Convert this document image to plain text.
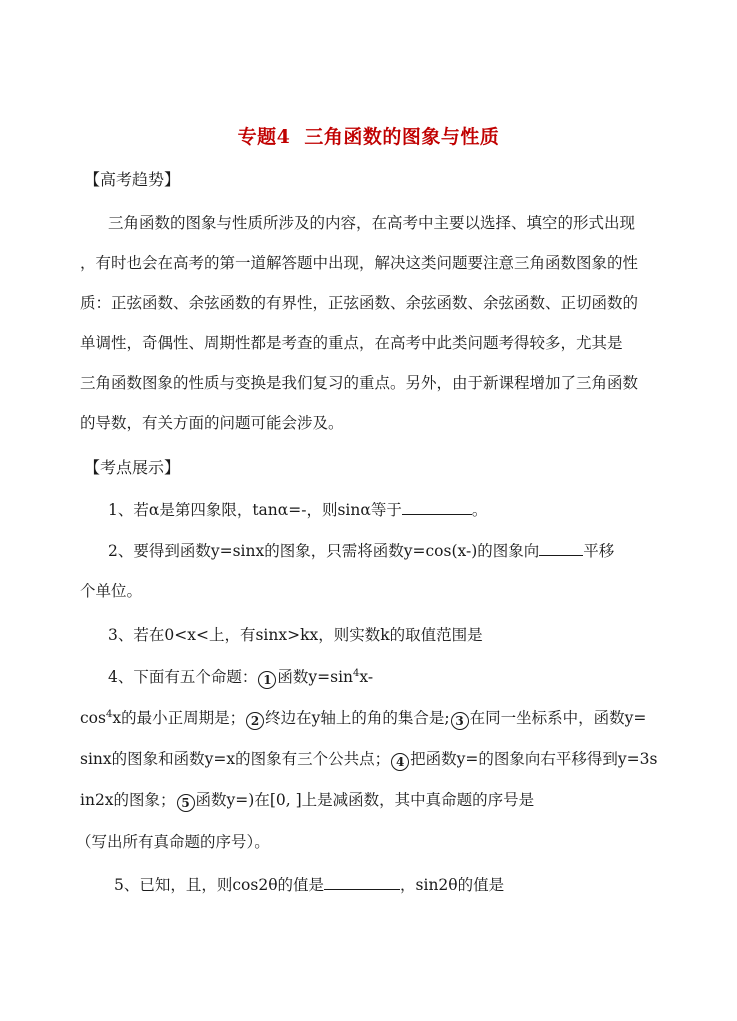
专题4 三角函数的图象与性质
【高考趋势】
三角函数的图象与性质所涉及的内容，在高考中主要以选择、填空的形式出现
，有时也会在高考的第一道解答题中出现，解决这类问题要注意三角函数图象的性
质：正弦函数、余弦函数的有界性，正弦函数、余弦函数、余弦函数、正切函数的
单调性，奇偶性、周期性都是考查的重点，在高考中此类问题考得较多，尤其是
三角函数图象的性质与变换是我们复习的重点。另外，由于新课程增加了三角函数
的导数，有关方面的问题可能会涉及。
【考点展示】
1、若α是第四象限，tanα=-，则sinα等于	。
2、要得到函数y=sinx的图象，只需将函数y=cos(x-)的图象向	平移
个单位。
3、若在0<x<上，有sinx>kx，则实数k的取值范围是
4、下面有五个命题： 1 函数$y=\sin^4x-$
$\cos^4x$的最小正周期是； 2 终边在y轴上的角的集合是; 3 在同一坐标系中，函数y=
sinx的图象和函数y=x的图象有三个公共点； 4 把函数y=的图象向右平移得到y=3s
in2x的图象； 5 函数y=)在[0, ]上是减函数，其中真命题的序号是
（写出所有真命题的序号）。
5、已知，且，则cos2θ的值是	，sin2θ的值是
